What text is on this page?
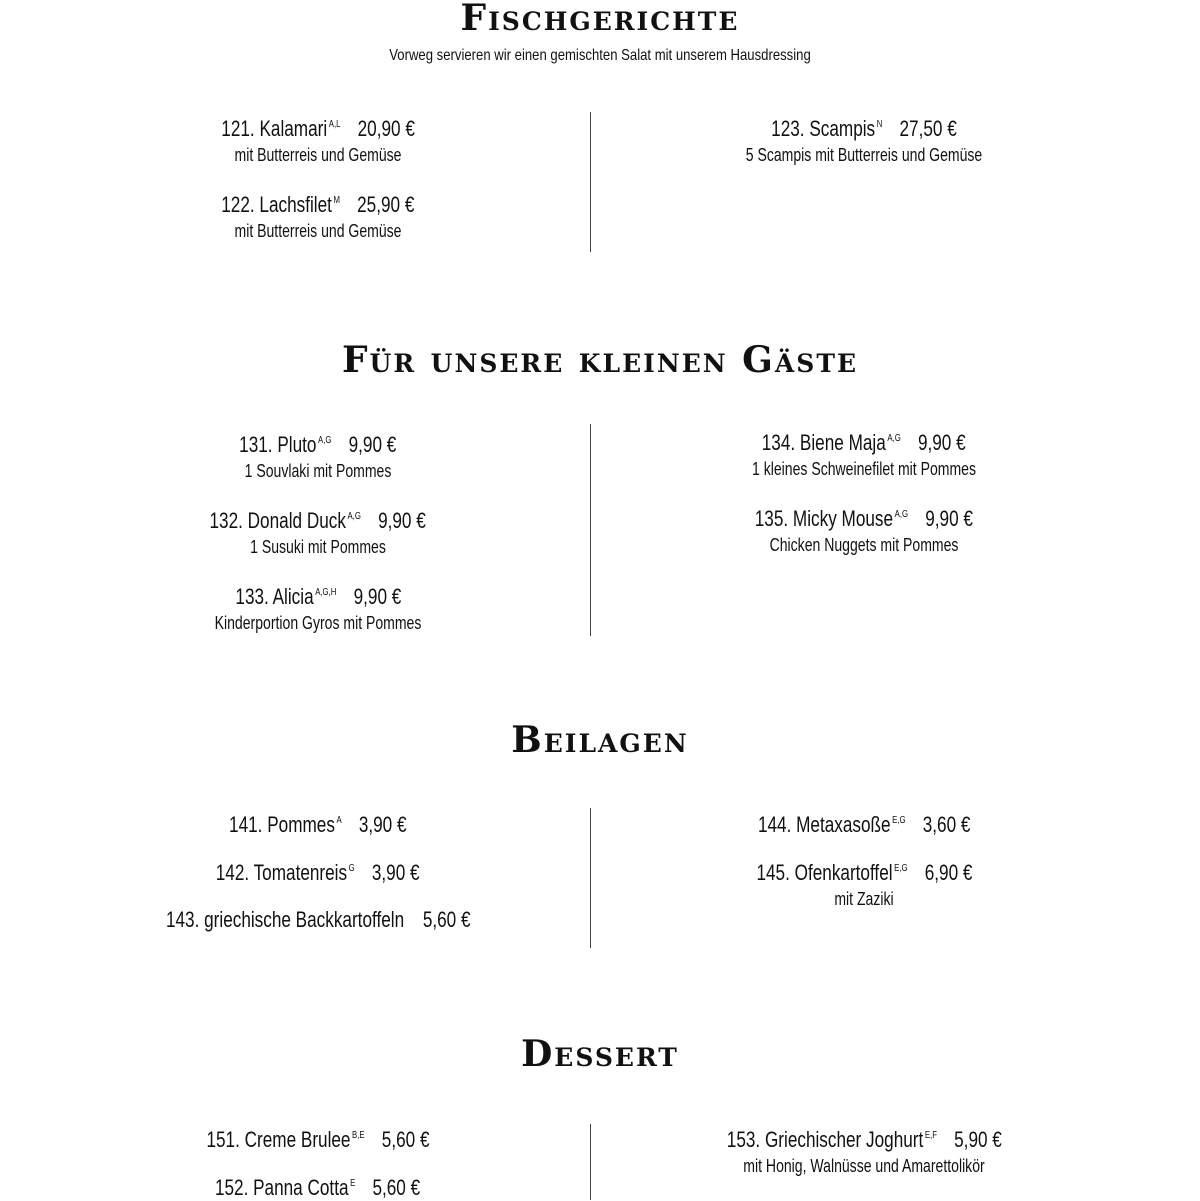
Fischgerichte
Vorweg servieren wir einen gemischten Salat mit unserem Hausdressing
121. Kalamari $^{A,L}$ 20,90 €
mit Butterreis und Gemüse
122. Lachsfilet $^M$ 25,90 €
mit Butterreis und Gemüse
123. Scampis $^N$ 27,50 €
5 Scampis mit Butterreis und Gemüse
Für unsere kleinen Gäste
131. Pluto $^{A,G}$ 9,90 €
1 Souvlaki mit Pommes
132. Donald Duck $^{A,G}$ 9,90 €
1 Susuki mit Pommes
133. Alicia $^{A,G,H}$ 9,90 €
Kinderportion Gyros mit Pommes
134. Biene Maja $^{A,G}$ 9,90 €
1 kleines Schweinefilet mit Pommes
135. Micky Mouse $^{A,G}$ 9,90 €
Chicken Nuggets mit Pommes
Beilagen
141. Pommes $^A$ 3,90 €
142. Tomatenreis $^G$ 3,90 €
143. griechische Backkartoffeln 5,60 €
144. Metaxasoße $^{E,G}$ 3,60 €
145. Ofenkartoffel $^{E,G}$ 6,90 €
mit Zaziki
Dessert
151. Creme Brulee $^{B,E}$ 5,60 €
152. Panna Cotta $^E$ 5,60 €
153. Griechischer Joghurt $^{E,F}$ 5,90 €
mit Honig, Walnüsse und Amarettolikör
